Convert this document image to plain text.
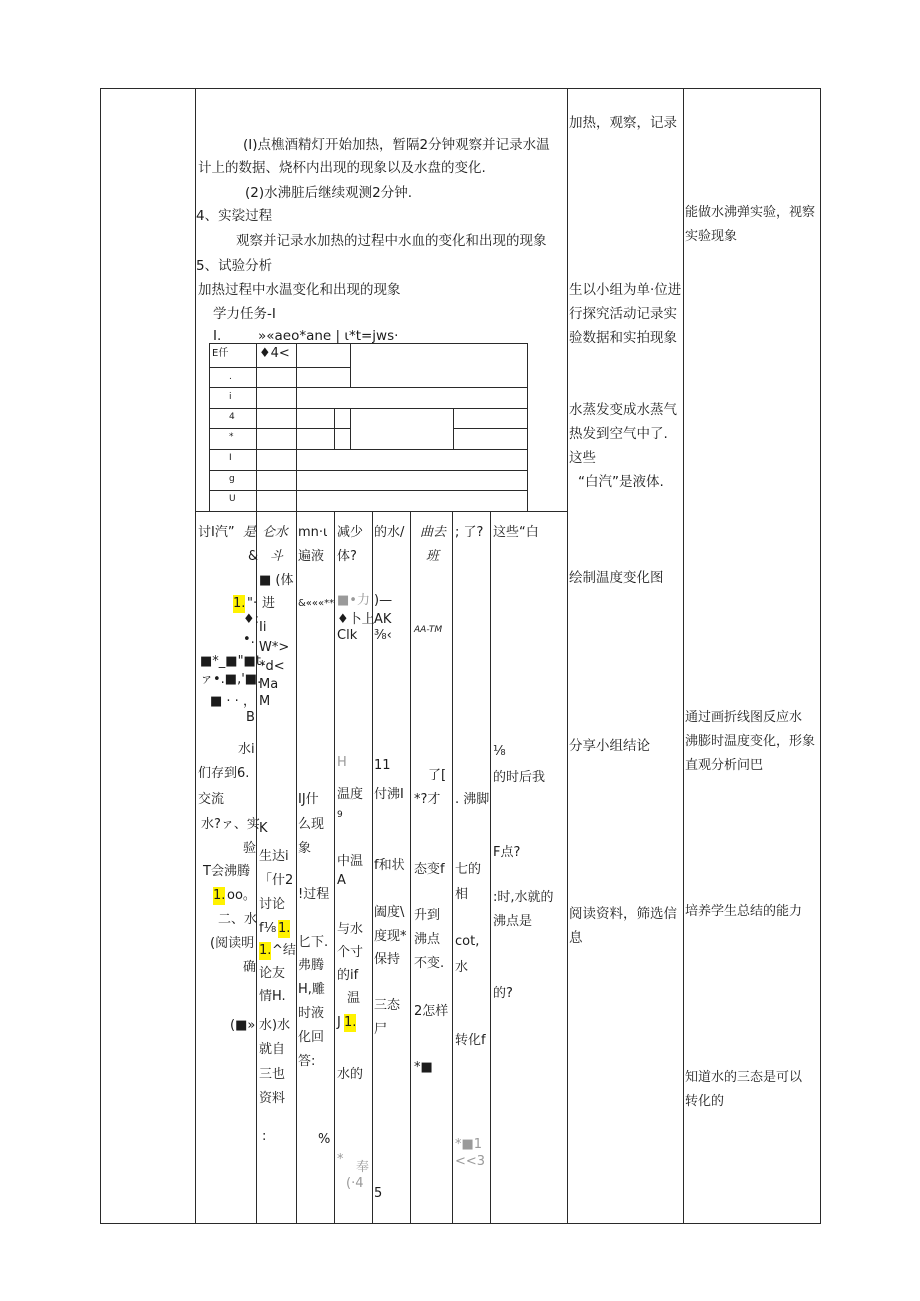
(I)点樵酒精灯开始加热，暂隔2分钟观察并记录水温
计上的数据、烧杯内出现的现象以及水盘的变化.
(2)水沸脏后继续观测2分钟.
4、实裟过程
观察并记录水加热的过程中水血的变化和出现的现象
5、试验分析
加热过程中水温变化和出现的现象
学力任务-I
I.	»«aeo*ane | ι*t=jws·
E仟 ♦4<
.
i
4
*
I
g
U
讨I汽” 是
&
1. "·
♦:
•.
■*_■"■t.
ァ•.■,'■.
■ · · ，
B
水i
们存到6.
交流
水?ァ、实
验
T会沸腾
1. oo。
二、水
(阅读明
确
(■»
仑水
斗
■ (体
进
Ii
W*>
*d<
Ma
M
K
生达i
「什2
讨论
f⅛ 1.
1. ^结
论友
情H.
水)水
就自
三也
资料
:
mn·ι
遍液
&«««**
IJ什
么现
象
!过程
匕下.
弗腾
H,雕
时液
化回
答:
%
减少
体?
■•力
♦卜上
Clk
H
温度
9
中温
A
与水
个寸
的if
温
J 1.
水的
*
奉
(·4
的水/
)—
AK
⅜‹
11
付沸I
f和状
阖度\
度现*
保持
三态
尸
5
曲去
班
AA-TM
了[
*?才
态变f
升到
沸点
不变.
2怎样
*■
; 了?
. 沸脚
七的
相
cot,
水
转化f
*■1
<<3
这些“白
⅛
的时后我
F点?
:时,水就的
沸点是
的?
加热，观察，记录
生以小组为单·位进
行探究活动记录实
验数据和实拍现象
水蒸发变成水蒸气
热发到空气中了.
这些
“白汽”是液体.
绘制温度变化图
分享小组结论
阅读资料，筛选信
息
能做水沸弹实验，视察
实验现象
通过画折线图反应水
沸膨时温度变化，形象
直观分析问巴
培养学生总结的能力
知道水的三态是可以
转化的
